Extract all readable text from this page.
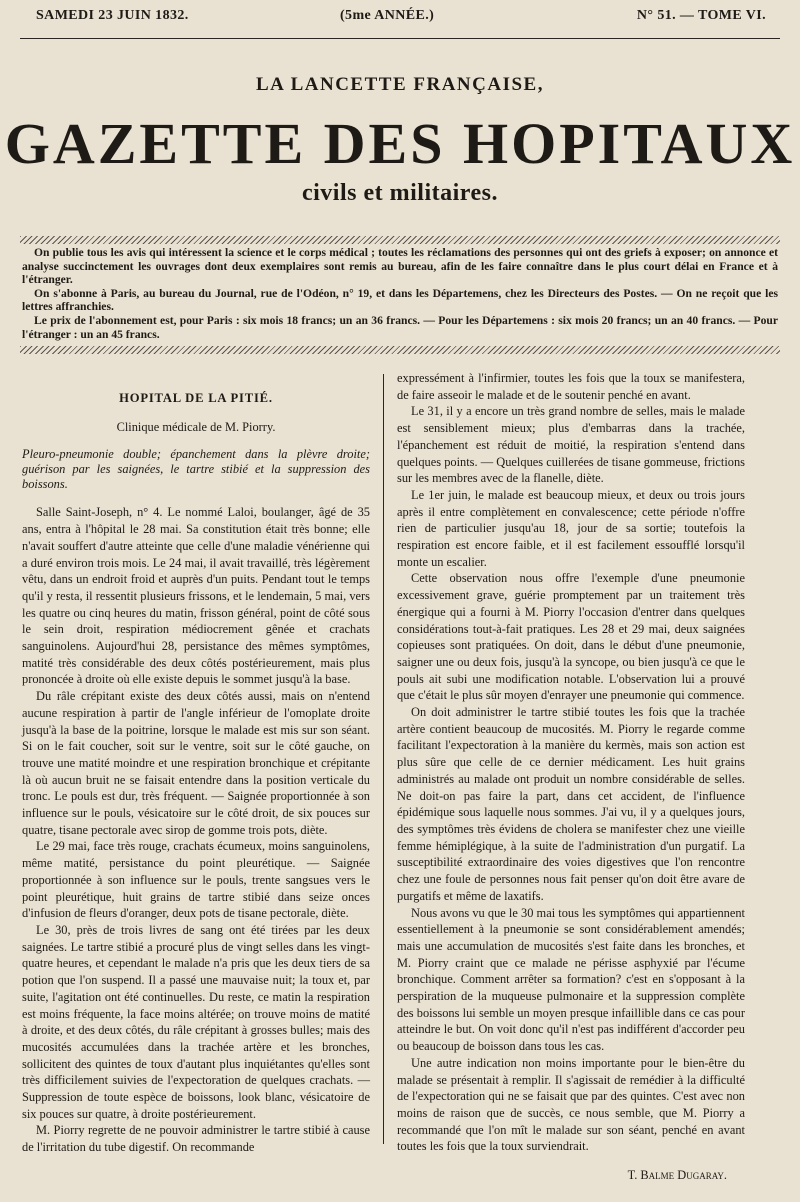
SAMEDI 23 JUIN 1832.	(5me ANNÉE.)	N° 51. — TOME VI.
LA LANCETTE FRANÇAISE,
GAZETTE DES HOPITAUX
civils et militaires.

On publie tous les avis qui intéressent la science et le corps médical ; toutes les réclamations des personnes qui ont des griefs à exposer; on annonce et analyse succinctement les ouvrages dont deux exemplaires sont remis au bureau, afin de les faire connaître dans le plus court délai en France et à l'étranger.

On s'abonne à Paris, au bureau du Journal, rue de l'Odéon, n° 19, et dans les Départemens, chez les Directeurs des Postes. — On ne reçoit que les lettres affranchies.

Le prix de l'abonnement est, pour Paris : six mois 18 francs; un an 36 francs. — Pour les Départemens : six mois 20 francs; un an 40 francs. — Pour l'étranger : un an 45 francs.

HOPITAL DE LA PITIÉ.

Clinique médicale de M. Piorry.

Pleuro-pneumonie double; épanchement dans la plèvre droite; guérison par les saignées, le tartre stibié et la suppression des boissons.

Salle Saint-Joseph, n° 4. Le nommé Laloi, boulanger, âgé de 35 ans, entra à l'hôpital le 28 mai. Sa constitution était très bonne; elle n'avait souffert d'autre atteinte que celle d'une maladie vénérienne qui a duré environ trois mois. Le 24 mai, il avait travaillé, très légèrement vêtu, dans un endroit froid et auprès d'un puits. Pendant tout le temps qu'il y resta, il ressentit plusieurs frissons, et le lendemain, 5 mai, vers les quatre ou cinq heures du matin, frisson général, point de côté sous le sein droit, respiration médiocrement gênée et crachats sanguinolens. Aujourd'hui 28, persistance des mêmes symptômes, matité très considérable des deux côtés postérieurement, mais plus prononcée à droite où elle existe depuis le sommet jusqu'à la base.

Du râle crépitant existe des deux côtés aussi, mais on n'entend aucune respiration à partir de l'angle inférieur de l'omoplate droite jusqu'à la base de la poitrine, lorsque le malade est mis sur son séant. Si on le fait coucher, soit sur le ventre, soit sur le côté gauche, on trouve une matité moindre et une respiration bronchique et crépitante là où aucun bruit ne se faisait entendre dans la position verticale du tronc. Le pouls est dur, très fréquent. — Saignée proportionnée à son influence sur le pouls, vésicatoire sur le côté droit, de six pouces sur quatre, tisane pectorale avec sirop de gomme trois pots, diète.

Le 29 mai, face très rouge, crachats écumeux, moins sanguinolens, même matité, persistance du point pleurétique. — Saignée proportionnée à son influence sur le pouls, trente sangsues vers le point pleurétique, huit grains de tartre stibié dans seize onces d'infusion de fleurs d'oranger, deux pots de tisane pectorale, diète.

Le 30, près de trois livres de sang ont été tirées par les deux saignées. Le tartre stibié a procuré plus de vingt selles dans les vingt-quatre heures, et cependant le malade n'a pris que les deux tiers de sa potion que l'on suspend. Il a passé une mauvaise nuit; la toux et, par suite, l'agitation ont été continuelles. Du reste, ce matin la respiration est moins fréquente, la face moins altérée; on trouve moins de matité à droite, et des deux côtés, du râle crépitant à grosses bulles; mais des mucosités accumulées dans la trachée artère et les bronches, sollicitent des quintes de toux d'autant plus inquiétantes qu'elles sont très difficilement suivies de l'expectoration de quelques crachats. — Suppression de toute espèce de boissons, look blanc, vésicatoire de six pouces sur quatre, à droite postérieurement.

M. Piorry regrette de ne pouvoir administrer le tartre stibié à cause de l'irritation du tube digestif. On recommande

expressément à l'infirmier, toutes les fois que la toux se manifestera, de faire asseoir le malade et de le soutenir penché en avant.

Le 31, il y a encore un très grand nombre de selles, mais le malade est sensiblement mieux; plus d'embarras dans la trachée, l'épanchement est réduit de moitié, la respiration s'entend dans quelques points. — Quelques cuillerées de tisane gommeuse, frictions sur les membres avec de la flanelle, diète.

Le 1er juin, le malade est beaucoup mieux, et deux ou trois jours après il entre complètement en convalescence; cette période n'offre rien de particulier jusqu'au 18, jour de sa sortie; toutefois la respiration est encore faible, et il est facilement essoufflé lorsqu'il monte un escalier.

Cette observation nous offre l'exemple d'une pneumonie excessivement grave, guérie promptement par un traitement très énergique qui a fourni à M. Piorry l'occasion d'entrer dans quelques considérations tout-à-fait pratiques. Les 28 et 29 mai, deux saignées copieuses sont pratiquées. On doit, dans le début d'une pneumonie, saigner une ou deux fois, jusqu'à la syncope, ou bien jusqu'à ce que le pouls ait subi une modification notable. L'observation lui a prouvé que c'était le plus sûr moyen d'enrayer une pneumonie qui commence.

On doit administrer le tartre stibié toutes les fois que la trachée artère contient beaucoup de mucosités. M. Piorry le regarde comme facilitant l'expectoration à la manière du kermès, mais son action est plus sûre que celle de ce dernier médicament. Les huit grains administrés au malade ont produit un nombre considérable de selles. Ne doit-on pas faire la part, dans cet accident, de l'influence épidémique sous laquelle nous sommes. J'ai vu, il y a quelques jours, des symptômes très évidens de cholera se manifester chez une vieille femme hémiplégique, à la suite de l'administration d'un purgatif. La susceptibilité extraordinaire des voies digestives que l'on rencontre chez une foule de personnes nous fait penser qu'on doit être avare de purgatifs et même de laxatifs.

Nous avons vu que le 30 mai tous les symptômes qui appartiennent essentiellement à la pneumonie se sont considérablement amendés; mais une accumulation de mucosités s'est faite dans les bronches, et M. Piorry craint que ce malade ne périsse asphyxié par l'écume bronchique. Comment arrêter sa formation? c'est en s'opposant à la perspiration de la muqueuse pulmonaire et la suppression complète des boissons lui semble un moyen presque infaillible dans ce cas pour atteindre le but. On voit donc qu'il n'est pas indifférent d'accorder peu ou beaucoup de boisson dans tous les cas.

Une autre indication non moins importante pour le bien-être du malade se présentait à remplir. Il s'agissait de remédier à la difficulté de l'expectoration qui ne se faisait que par des quintes. C'est avec non moins de raison que de succès, ce nous semble, que M. Piorry a recommandé que l'on mît le malade sur son séant, penché en avant toutes les fois que la toux surviendrait.

T. Balme Dugaray.
